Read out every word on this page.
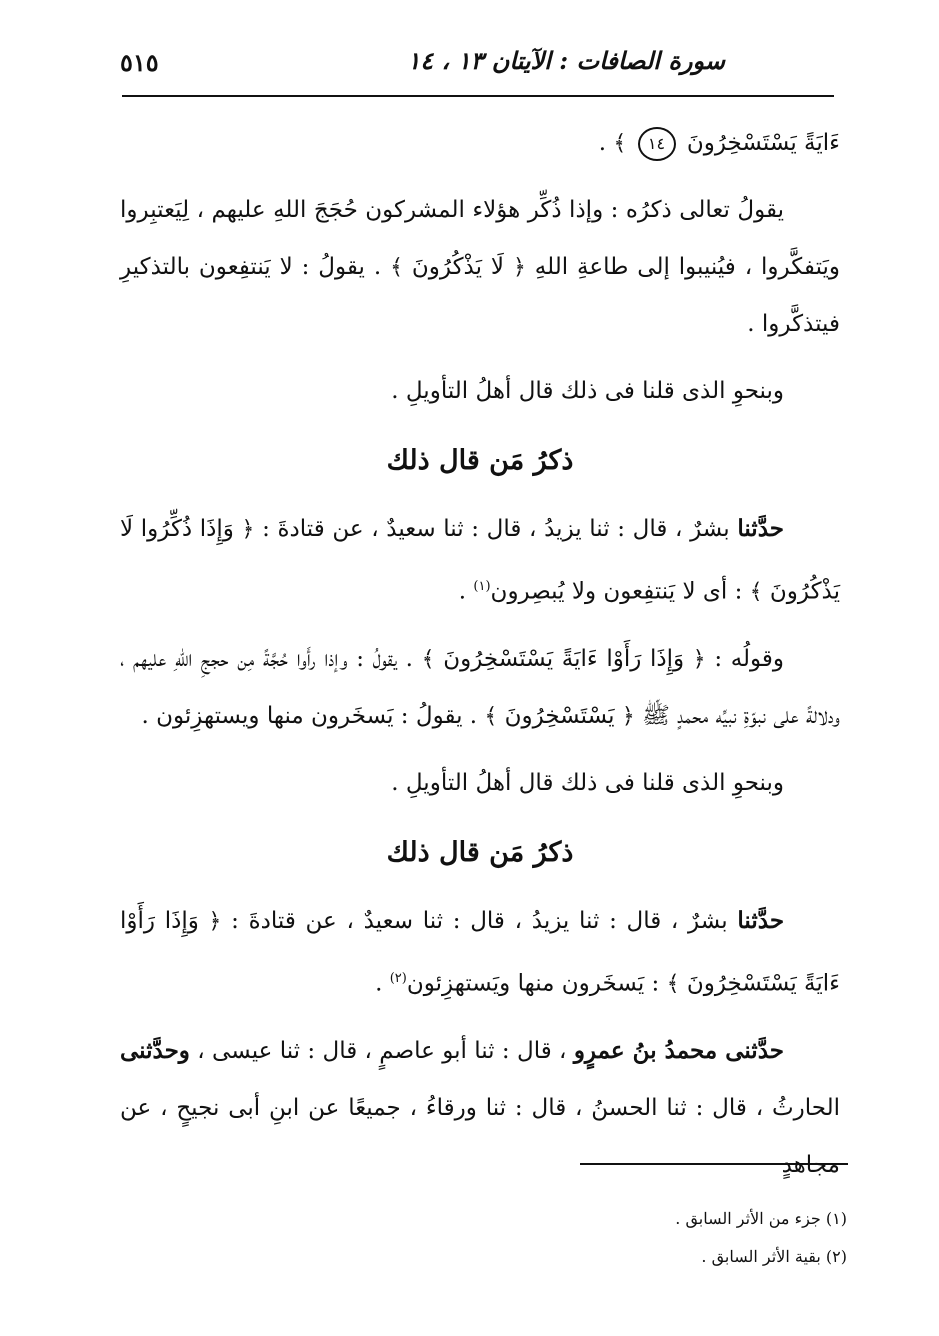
٥١٥	سورة الصافات : الآيتان ١٣ ، ١٤

ءَايَةً يَسْتَسْخِرُونَ ١٤ ﴾ .

يقولُ تعالى ذكرُه : وإذا ذُكِّر هؤلاء المشركون حُجَجَ اللهِ عليهم ، لِيَعتبِروا ويَتفكَّروا ، فيُنيبوا إلى طاعةِ اللهِ ﴿ لَا يَذْكُرُونَ ﴾ . يقولُ : لا يَنتفِعون بالتذكيرِ فيتذكَّروا .

وبنحوِ الذى قلنا فى ذلك قال أهلُ التأويلِ .

ذكرُ مَن قال ذلك

حدَّثنا بشرٌ ، قال : ثنا يزيدُ ، قال : ثنا سعيدٌ ، عن قتادةَ : ﴿ وَإِذَا ذُكِّرُوا لَا يَذْكُرُونَ ﴾ : أى لا يَنتفِعون ولا يُبصِرون$^{(١)}$ .

وقولُه : ﴿ وَإِذَا رَأَوْا ءَايَةً يَسْتَسْخِرُونَ ﴾ . يقولُ : وإذا رأَوا حُجَّةً مِن حججِ اللهِ عليهم ، ودلالةً على نبوّةِ نبيِّه محمدٍ ﷺ ﴿ يَسْتَسْخِرُونَ ﴾ . يقولُ : يَسخَرون منها ويستهزِئون .

وبنحوِ الذى قلنا فى ذلك قال أهلُ التأويلِ .

ذكرُ مَن قال ذلك

حدَّثنا بشرٌ ، قال : ثنا يزيدُ ، قال : ثنا سعيدٌ ، عن قتادةَ : ﴿ وَإِذَا رَأَوْا ءَايَةً يَسْتَسْخِرُونَ ﴾ : يَسخَرون منها ويَستهزِئون$^{(٢)}$ .

حدَّثنى محمدُ بنُ عمرٍو ، قال : ثنا أبو عاصمٍ ، قال : ثنا عيسى ، وحدَّثنى الحارثُ ، قال : ثنا الحسنُ ، قال : ثنا ورقاءُ ، جميعًا عن ابنِ أبى نجيحٍ ، عن مجاهدٍ

(١) جزء من الأثر السابق .
(٢) بقية الأثر السابق .
